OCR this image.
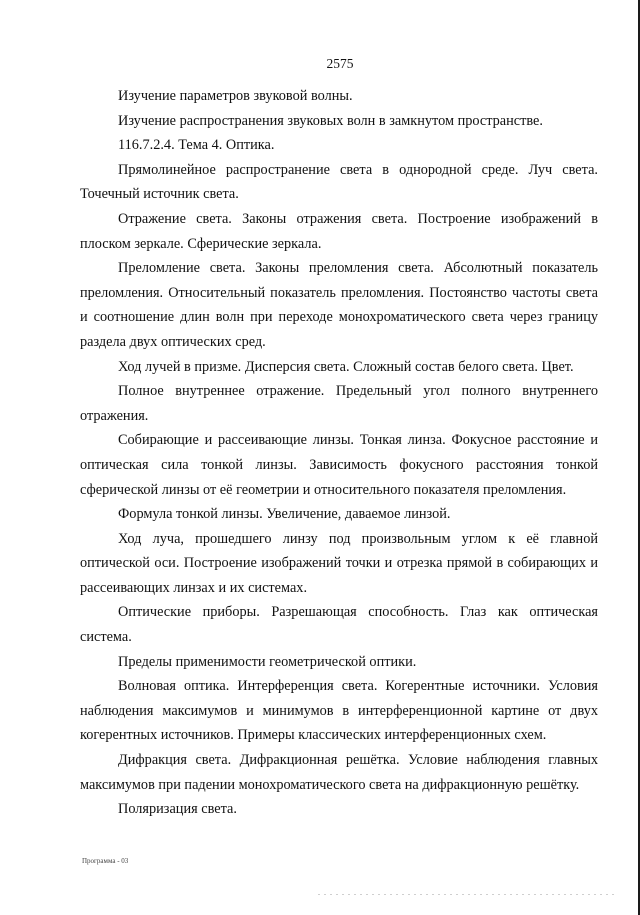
2575

Изучение параметров звуковой волны.

Изучение распространения звуковых волн в замкнутом пространстве.

116.7.2.4. Тема 4. Оптика.

Прямолинейное распространение света в однородной среде. Луч света. Точечный источник света.

Отражение света. Законы отражения света. Построение изображений в плоском зеркале. Сферические зеркала.

Преломление света. Законы преломления света. Абсолютный показатель преломления. Относительный показатель преломления. Постоянство частоты света и соотношение длин волн при переходе монохроматического света через границу раздела двух оптических сред.

Ход лучей в призме. Дисперсия света. Сложный состав белого света. Цвет.

Полное внутреннее отражение. Предельный угол полного внутреннего отражения.

Собирающие и рассеивающие линзы. Тонкая линза. Фокусное расстояние и оптическая сила тонкой линзы. Зависимость фокусного расстояния тонкой сферической линзы от её геометрии и относительного показателя преломления.

Формула тонкой линзы. Увеличение, даваемое линзой.

Ход луча, прошедшего линзу под произвольным углом к её главной оптической оси. Построение изображений точки и отрезка прямой в собирающих и рассеивающих линзах и их системах.

Оптические приборы. Разрешающая способность. Глаз как оптическая система.

Пределы применимости геометрической оптики.

Волновая оптика. Интерференция света. Когерентные источники. Условия наблюдения максимумов и минимумов в интерференционной картине от двух когерентных источников. Примеры классических интерференционных схем.

Дифракция света. Дифракционная решётка. Условие наблюдения главных максимумов при падении монохроматического света на дифракционную решётку.

Поляризация света.

Программа - 03
